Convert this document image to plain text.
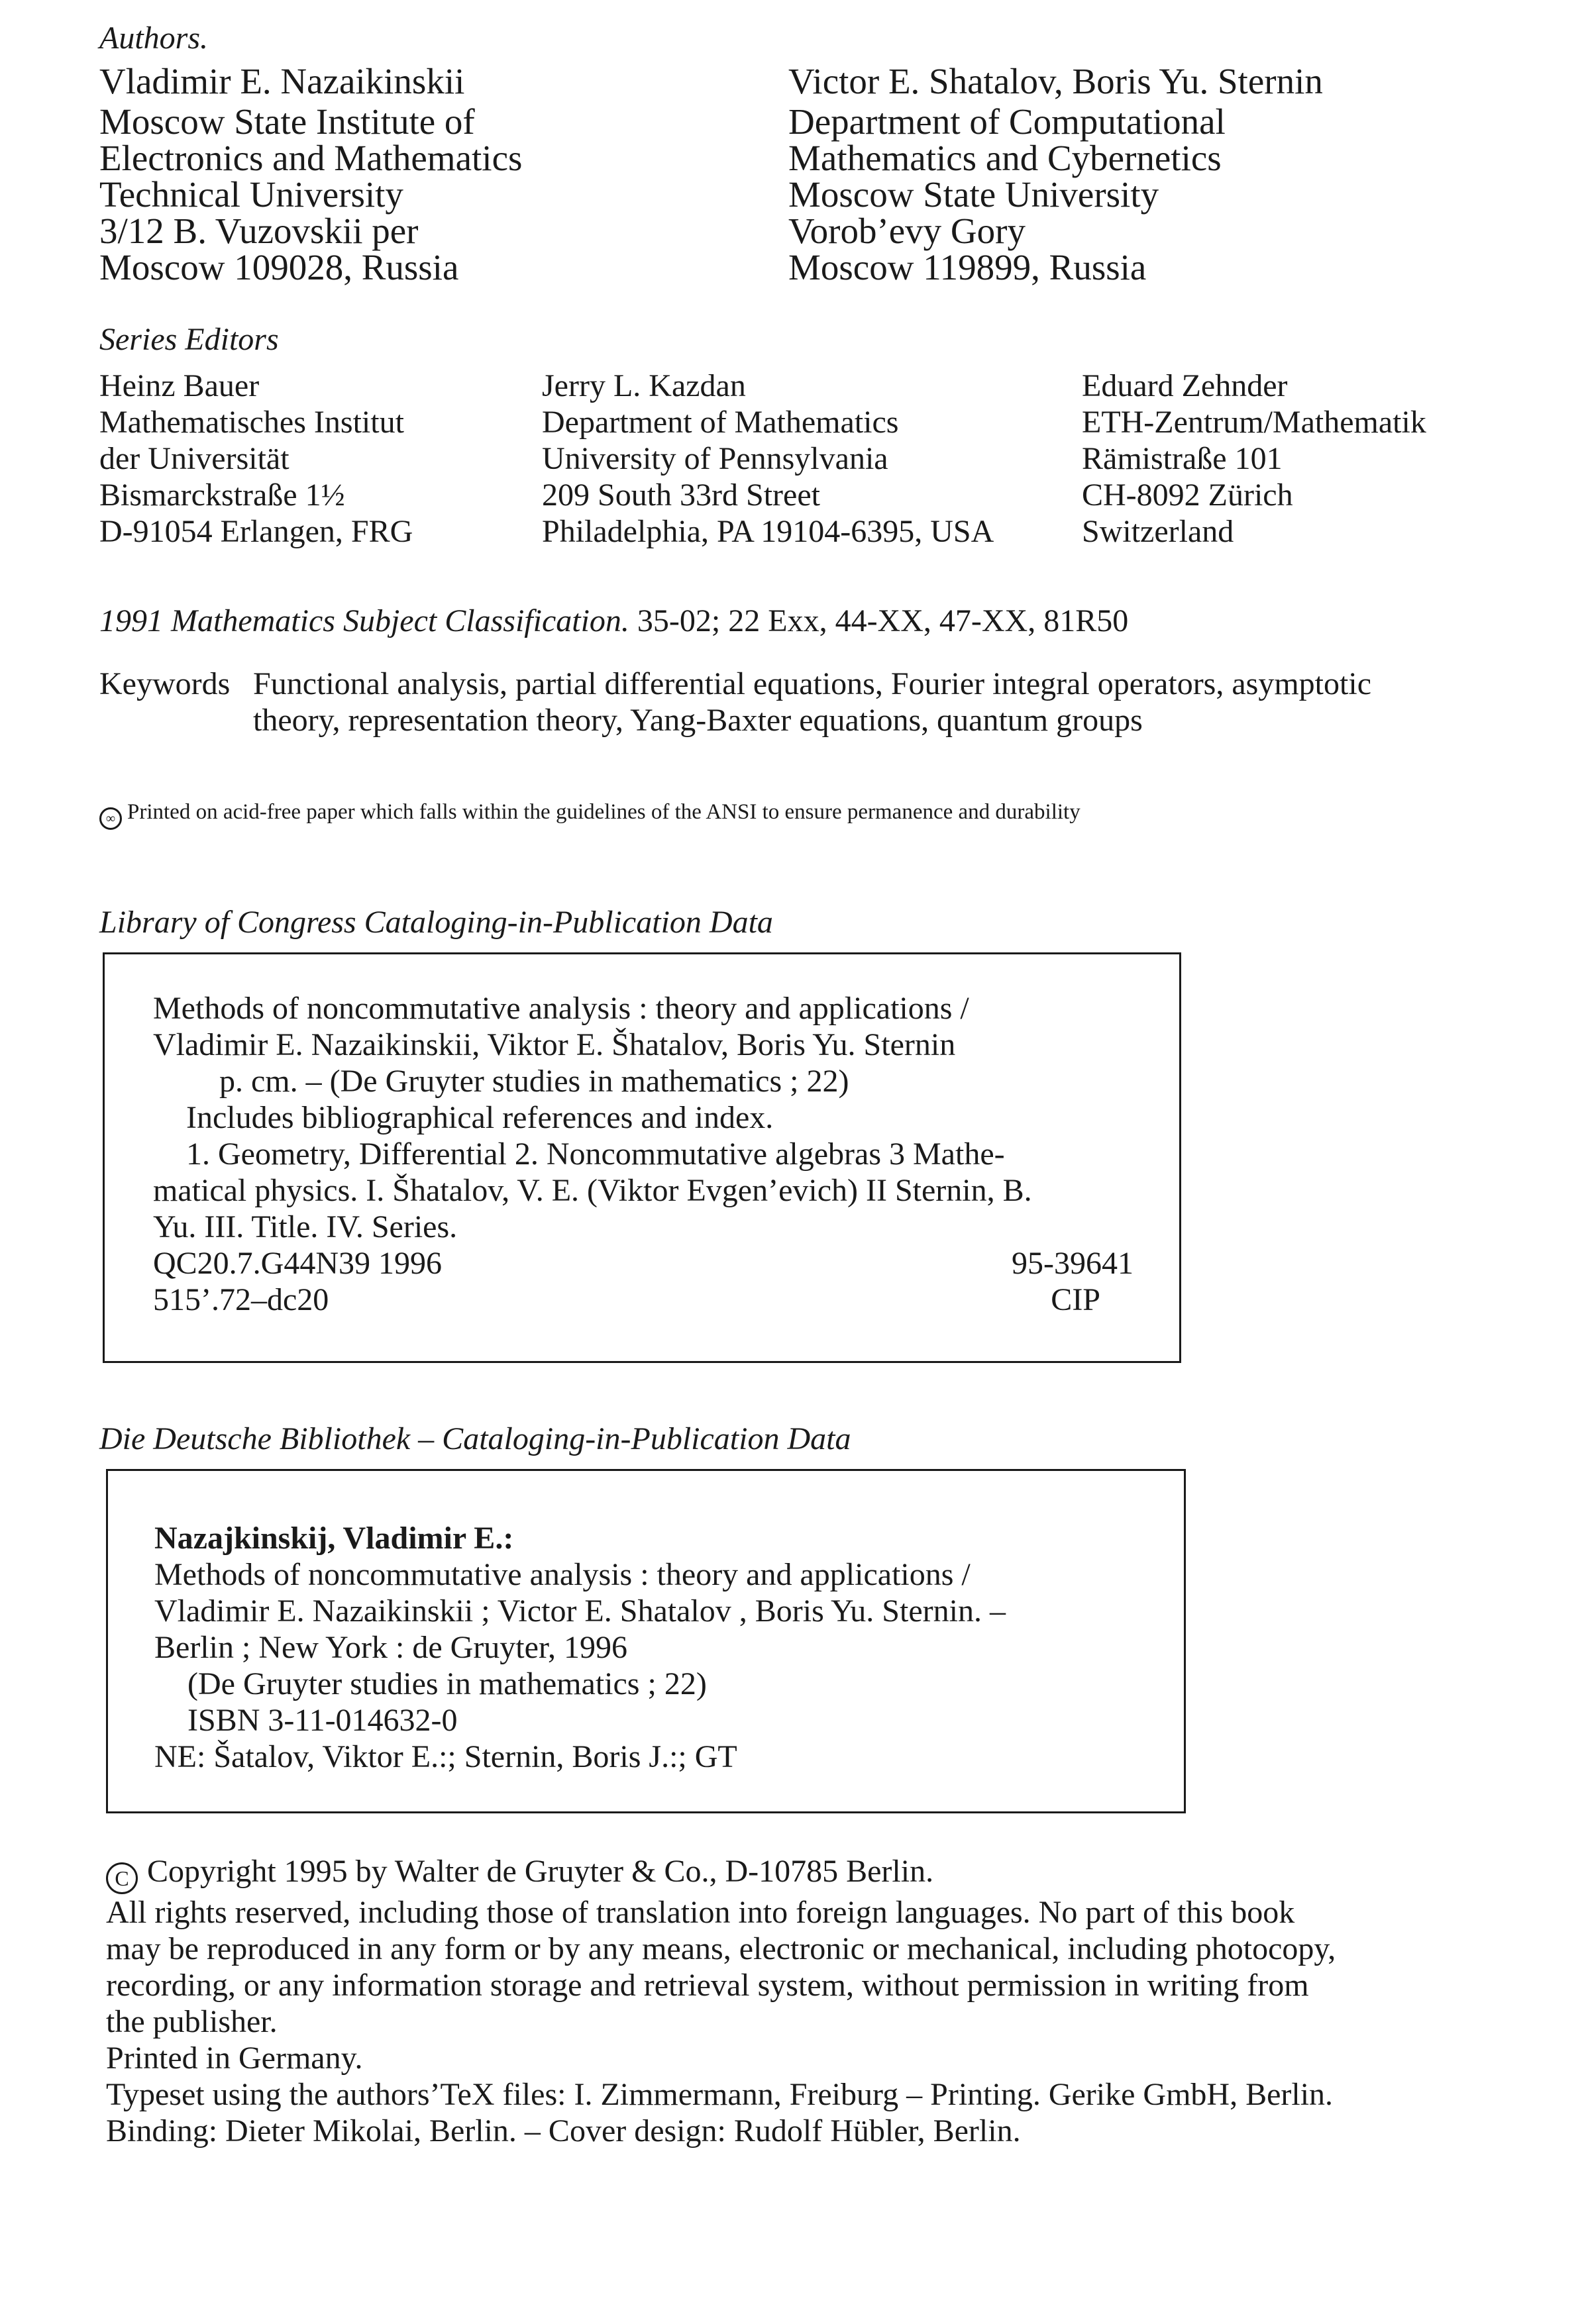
Authors.
Vladimir E. Nazaikinskii
Moscow State Institute of
Electronics and Mathematics
Technical University
3/12 B. Vuzovskii per
Moscow 109028, Russia
Victor E. Shatalov, Boris Yu. Sternin
Department of Computational
Mathematics and Cybernetics
Moscow State University
Vorob’evy Gory
Moscow 119899, Russia
Series Editors
Heinz Bauer
Mathematisches Institut
der Universität
Bismarckstraße 1½
D-91054 Erlangen, FRG
Jerry L. Kazdan
Department of Mathematics
University of Pennsylvania
209 South 33rd Street
Philadelphia, PA 19104-6395, USA
Eduard Zehnder
ETH-Zentrum/Mathematik
Rämistraße 101
CH-8092 Zürich
Switzerland
1991 Mathematics Subject Classification. 35-02; 22 Exx, 44-XX, 47-XX, 81R50
Keywords Functional analysis, partial differential equations, Fourier integral operators, asymptotic
theory, representation theory, Yang-Baxter equations, quantum groups
∞ Printed on acid-free paper which falls within the guidelines of the ANSI to ensure permanence and durability
Library of Congress Cataloging-in-Publication Data
Methods of noncommutative analysis : theory and applications /
Vladimir E. Nazaikinskii, Viktor E. Šhatalov, Boris Yu. Sternin
p. cm. – (De Gruyter studies in mathematics ; 22)
Includes bibliographical references and index.
1. Geometry, Differential 2. Noncommutative algebras 3 Mathe-
matical physics. I. Šhatalov, V. E. (Viktor Evgen’evich) II Sternin, B.
Yu. III. Title. IV. Series.
QC20.7.G44N39 1996	95-39641
515’.72–dc20	CIP
Die Deutsche Bibliothek – Cataloging-in-Publication Data
Nazajkinskij, Vladimir E.:
Methods of noncommutative analysis : theory and applications /
Vladimir E. Nazaikinskii ; Victor E. Shatalov , Boris Yu. Sternin. –
Berlin ; New York : de Gruyter, 1996
(De Gruyter studies in mathematics ; 22)
ISBN 3-11-014632-0
NE: Šatalov, Viktor E.:; Sternin, Boris J.:; GT
C Copyright 1995 by Walter de Gruyter & Co., D-10785 Berlin.
All rights reserved, including those of translation into foreign languages. No part of this book
may be reproduced in any form or by any means, electronic or mechanical, including photocopy,
recording, or any information storage and retrieval system, without permission in writing from
the publisher.
Printed in Germany.
Typeset using the authors’TeX files: I. Zimmermann, Freiburg – Printing. Gerike GmbH, Berlin.
Binding: Dieter Mikolai, Berlin. – Cover design: Rudolf Hübler, Berlin.
